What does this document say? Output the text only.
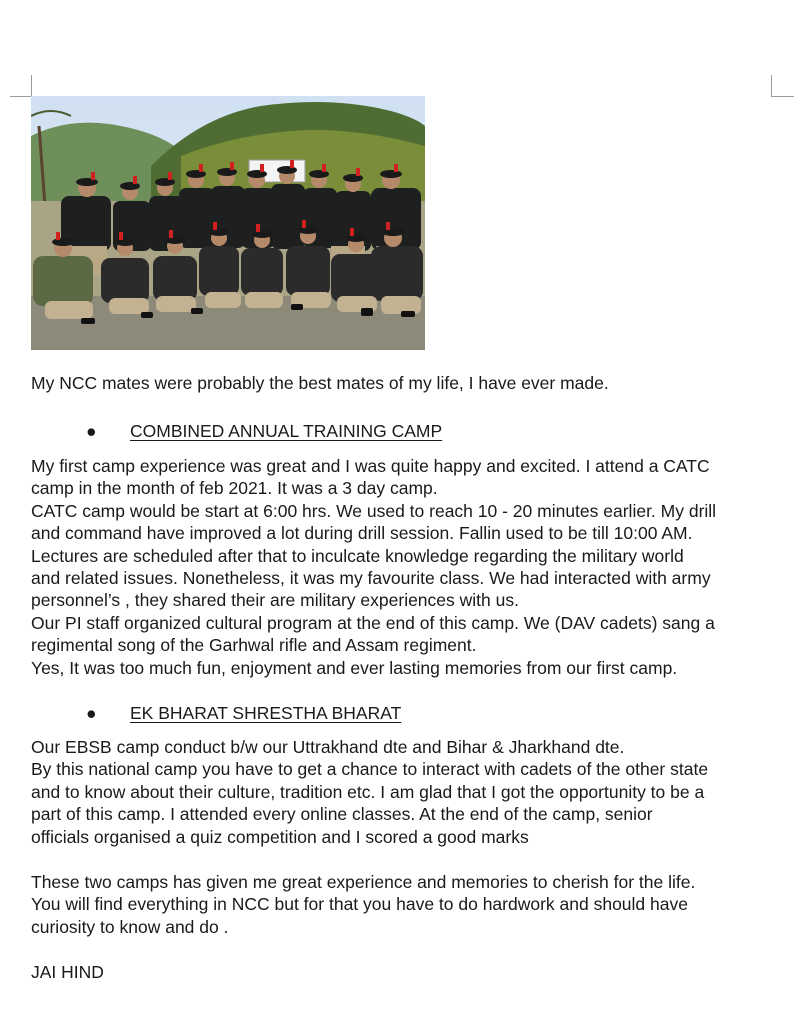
My NCC mates were probably the best mates of my life, I have ever made.
● COMBINED ANNUAL TRAINING CAMP
My first camp experience was great and I was quite happy and excited. I attend a CATC
camp in the month of feb 2021. It was a 3 day camp.
CATC camp would be start at 6:00 hrs. We used to reach 10 - 20 minutes earlier. My drill
and command have improved a lot during drill session. Fallin used to be till 10:00 AM.
Lectures are scheduled after that to inculcate knowledge regarding the military world
and related issues. Nonetheless, it was my favourite class. We had interacted with army
personnel’s , they shared their are military experiences with us.
Our PI staff organized cultural program at the end of this camp. We (DAV cadets) sang a
regimental song of the Garhwal rifle and Assam regiment.
Yes, It was too much fun, enjoyment and ever lasting memories from our first camp.
● EK BHARAT SHRESTHA BHARAT
Our EBSB camp conduct b/w our Uttrakhand dte and Bihar & Jharkhand dte.
By this national camp you have to get a chance to interact with cadets of the other state
and to know about their culture, tradition etc. I am glad that I got the opportunity to be a
part of this camp. I attended every online classes. At the end of the camp, senior
officials organised a quiz competition and I scored a good marks
These two camps has given me great experience and memories to cherish for the life.
You will find everything in NCC but for that you have to do hardwork and should have
curiosity to know and do .
JAI HIND
